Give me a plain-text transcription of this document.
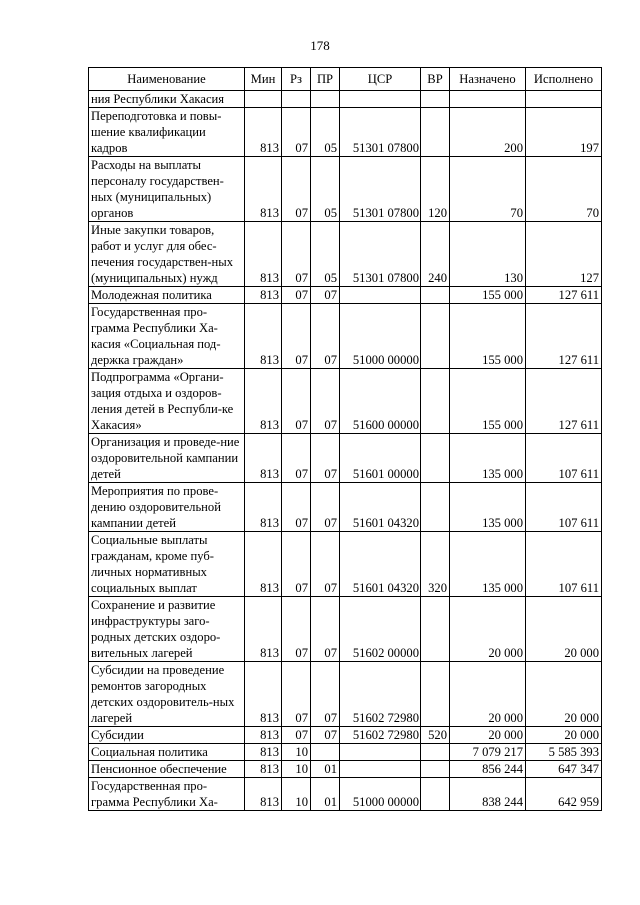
178
Наименование	Мин	Рз	ПР	ЦСР	ВР	Назначено	Исполнено
ния Республики Хакасия							
Переподготовка и повы-шение квалификации кадров	813	07	05	51301 07800		200	197
Расходы на выплаты персоналу государствен-ных (муниципальных) органов	813	07	05	51301 07800	120	70	70
Иные закупки товаров, работ и услуг для обес-печения государствен-ных (муниципальных) нужд	813	07	05	51301 07800	240	130	127
Молодежная политика	813	07	07			155 000	127 611
Государственная про-грамма Республики Ха-касия «Социальная под-держка граждан»	813	07	07	51000 00000		155 000	127 611
Подпрограмма «Органи-зация отдыха и оздоров-ления детей в Республи-ке Хакасия»	813	07	07	51600 00000		155 000	127 611
Организация и проведе-ние оздоровительной кампании детей	813	07	07	51601 00000		135 000	107 611
Мероприятия по прове-дению оздоровительной кампании детей	813	07	07	51601 04320		135 000	107 611
Социальные выплаты гражданам, кроме пуб-личных нормативных социальных выплат	813	07	07	51601 04320	320	135 000	107 611
Сохранение и развитие инфраструктуры заго-родных детских оздоро-вительных лагерей	813	07	07	51602 00000		20 000	20 000
Субсидии на проведение ремонтов загородных детских оздоровитель-ных лагерей	813	07	07	51602 72980		20 000	20 000
Субсидии	813	07	07	51602 72980	520	20 000	20 000
Социальная политика	813	10				7 079 217	5 585 393
Пенсионное обеспечение	813	10	01			856 244	647 347
Государственная про-грамма Республики Ха-	813	10	01	51000 00000		838 244	642 959
